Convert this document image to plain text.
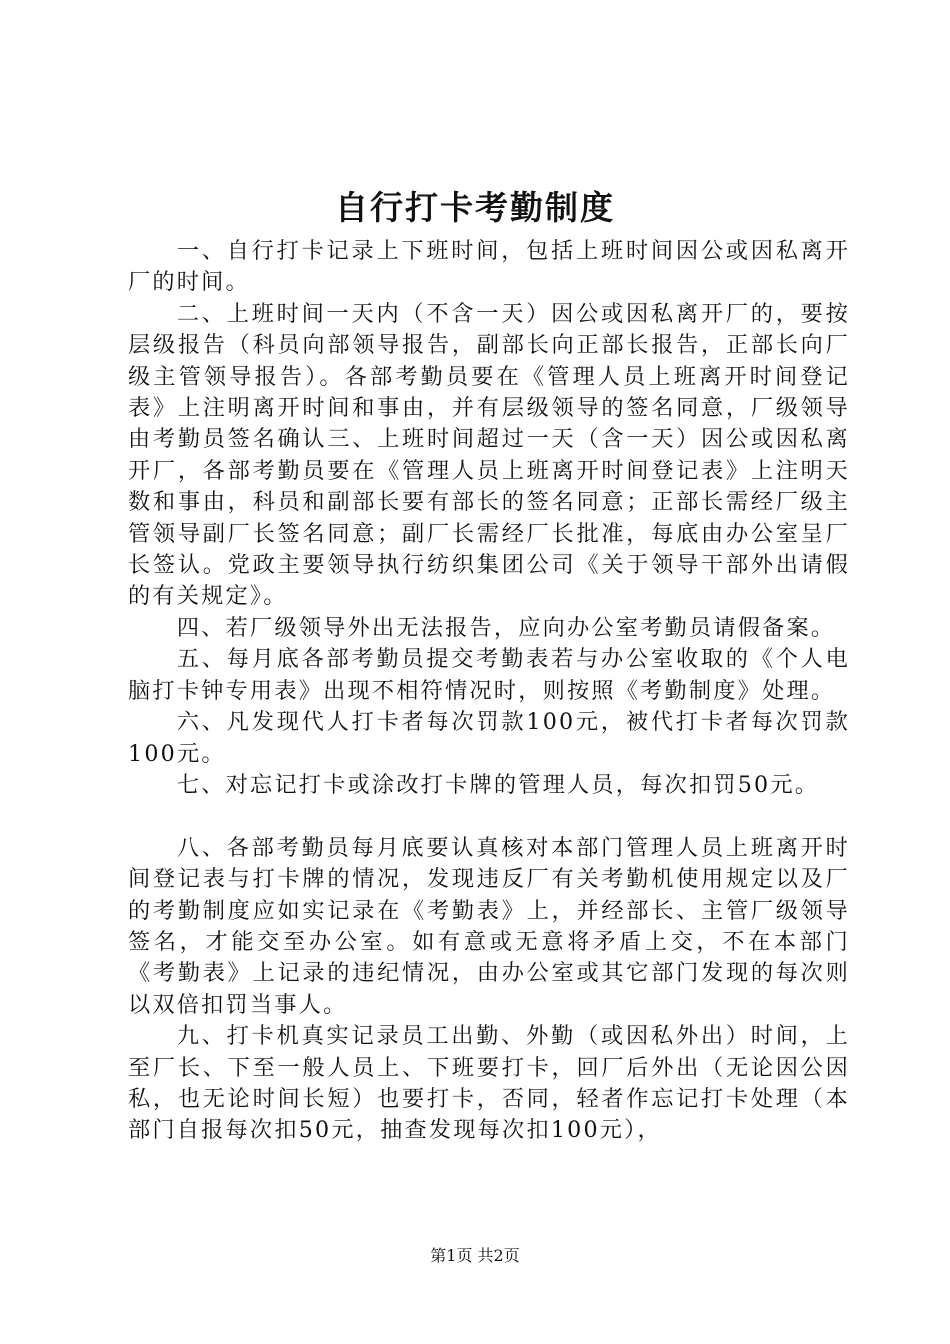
自行打卡考勤制度

一、自行打卡记录上下班时间，包括上班时间因公或因私离开厂的时间。

二、上班时间一天内（不含一天）因公或因私离开厂的，要按层级报告（科员向部领导报告，副部长向正部长报告，正部长向厂级主管领导报告）。各部考勤员要在《管理人员上班离开时间登记表》上注明离开时间和事由，并有层级领导的签名同意，厂级领导由考勤员签名确认三、上班时间超过一天（含一天）因公或因私离开厂，各部考勤员要在《管理人员上班离开时间登记表》上注明天数和事由，科员和副部长要有部长的签名同意；正部长需经厂级主管领导副厂长签名同意；副厂长需经厂长批准，每底由办公室呈厂长签认。党政主要领导执行纺织集团公司《关于领导干部外出请假的有关规定》。

四、若厂级领导外出无法报告，应向办公室考勤员请假备案。

五、每月底各部考勤员提交考勤表若与办公室收取的《个人电脑打卡钟专用表》出现不相符情况时，则按照《考勤制度》处理。

六、凡发现代人打卡者每次罚款100元，被代打卡者每次罚款100元。

七、对忘记打卡或涂改打卡牌的管理人员，每次扣罚50元。

八、各部考勤员每月底要认真核对本部门管理人员上班离开时间登记表与打卡牌的情况，发现违反厂有关考勤机使用规定以及厂的考勤制度应如实记录在《考勤表》上，并经部长、主管厂级领导签名，才能交至办公室。如有意或无意将矛盾上交，不在本部门《考勤表》上记录的违纪情况，由办公室或其它部门发现的每次则以双倍扣罚当事人。

九、打卡机真实记录员工出勤、外勤（或因私外出）时间，上至厂长、下至一般人员上、下班要打卡，回厂后外出（无论因公因私，也无论时间长短）也要打卡，否同，轻者作忘记打卡处理（本部门自报每次扣50元，抽查发现每次扣100元），

第1页 共2页
